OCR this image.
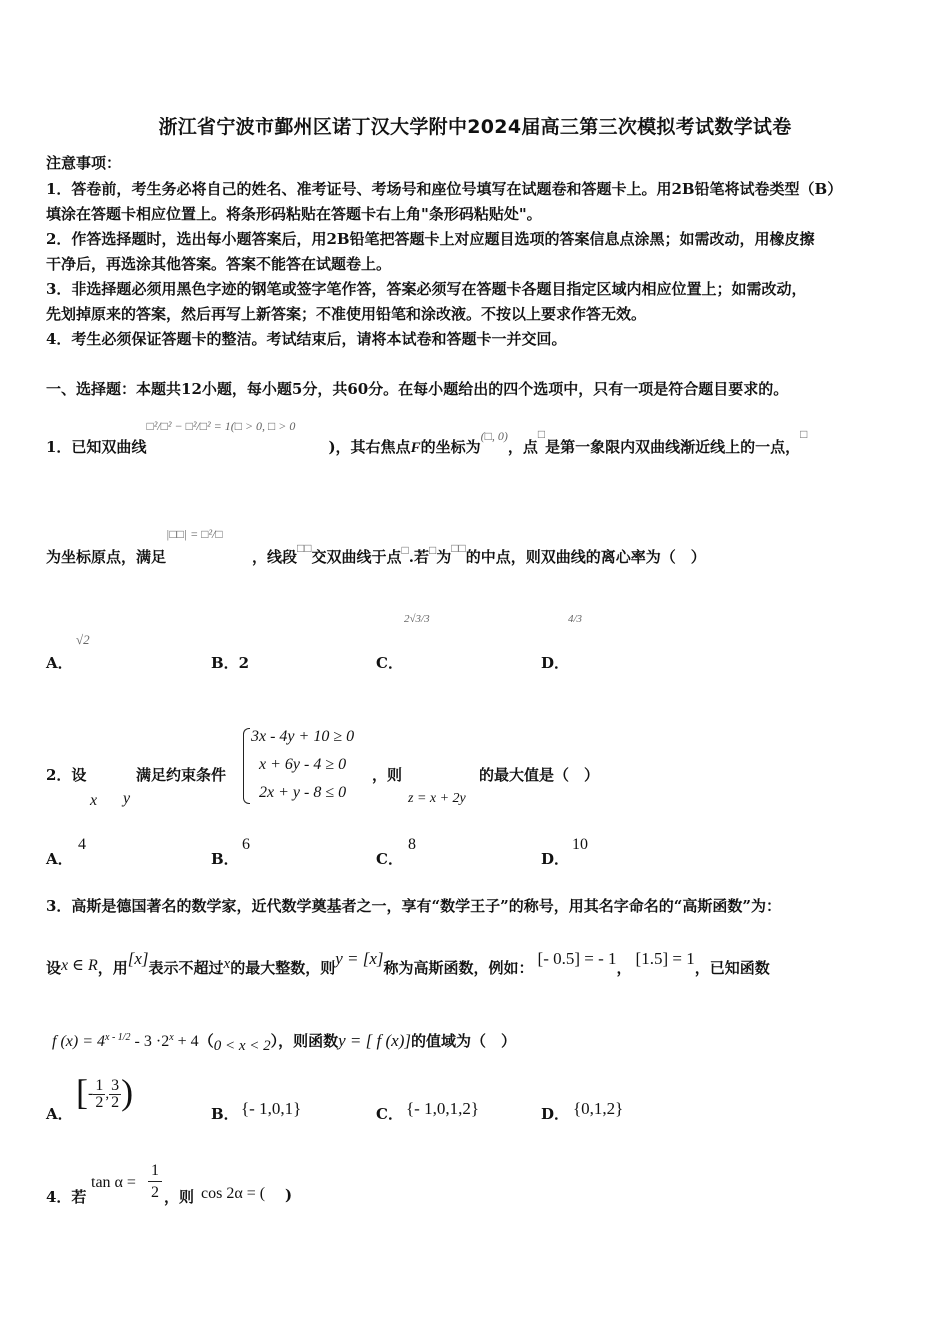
浙江省宁波市鄞州区诺丁汉大学附中2024届高三第三次模拟考试数学试卷
注意事项：
1．答卷前，考生务必将自己的姓名、准考证号、考场号和座位号填写在试题卷和答题卡上。用2B铅笔将试卷类型（B）
填涂在答题卡相应位置上。将条形码粘贴在答题卡右上角"条形码粘贴处"。
2．作答选择题时，选出每小题答案后，用2B铅笔把答题卡上对应题目选项的答案信息点涂黑；如需改动，用橡皮擦
干净后，再选涂其他答案。答案不能答在试题卷上。
3．非选择题必须用黑色字迹的钢笔或签字笔作答，答案必须写在答题卡各题目指定区域内相应位置上；如需改动，
先划掉原来的答案，然后再写上新答案；不准使用铅笔和涂改液。不按以上要求作答无效。
4．考生必须保证答题卡的整洁。考试结束后，请将本试卷和答题卡一并交回。
一、选择题：本题共12小题，每小题5分，共60分。在每小题给出的四个选项中，只有一项是符合题目要求的。
1．已知双曲线□²/□² − □²/□² = 1(□ > 0, □ > 0)，其右焦点F的坐标为$_{(□, 0)}$，点$_□$是第一象限内双曲线渐近线上的一点，$_□$
为坐标原点，满足|□□| = □²/□，线段$_{□□}$交双曲线于点$_□$.若$_□$为$_{□□}$的中点，则双曲线的离心率为（　）
A．
√2
B．2	C．
2√3/3
D．
4/3
2．设
x y
满足约束条件
3x - 4y + 10 ≥ 0
x + 6y - 4 ≥ 0
2x + y - 8 ≤ 0
，则
z = x + 2y
的最大值是（　）
A．
4
B．
6
C．
8
D．
10
3．高斯是德国著名的数学家，近代数学奠基者之一，享有“数学王子”的称号，用其名字命名的“高斯函数”为：
设x ∈ R，用[x]表示不超过x的最大整数，则y = [x]称为高斯函数，例如： [- 0.5] = - 1， [1.5] = 1，已知函数
f $(x) = 4^{x - 1/2} - 3 \cdot 2^x + 4(0 < x < 2)$，则函数y = [ f (x)]的值域为（　）
A．
[- $\frac{1}{2}$ , $\frac{3}{2}$ )
B． {- 1,0,1}	C． {- 1,0,1,2}	D． {0,1,2}
4．若
$\tan \alpha = \frac{1}{2}$ ，则 cos 2α = ( )
